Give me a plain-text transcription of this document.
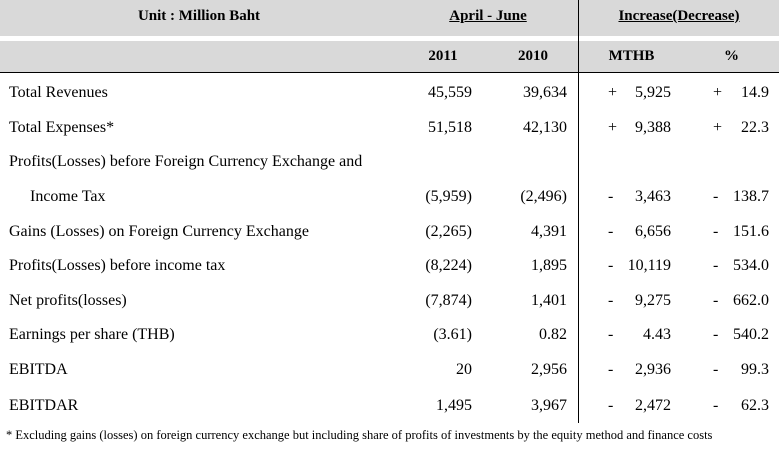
Unit : Million Baht	April - June	Increase(Decrease)
2011	2010	MTHB	%
Total Revenues	45,559	39,634	+ 5,925	+ 14.9
Total Expenses*	51,518	42,130	+ 9,388	+ 22.3
Profits(Losses) before Foreign Currency Exchange and
Income Tax	(5,959)	(2,496)	- 3,463	- 138.7
Gains (Losses) on Foreign Currency Exchange	(2,265)	4,391	- 6,656	- 151.6
Profits(Losses) before income tax	(8,224)	1,895	- 10,119	- 534.0
Net profits(losses)	(7,874)	1,401	- 9,275	- 662.0
Earnings per share (THB)	(3.61)	0.82	- 4.43	- 540.2
EBITDA	20	2,956	- 2,936	- 99.3
EBITDAR	1,495	3,967	- 2,472	- 62.3
* Excluding gains (losses) on foreign currency exchange but including share of profits of investments by the equity method and finance costs
